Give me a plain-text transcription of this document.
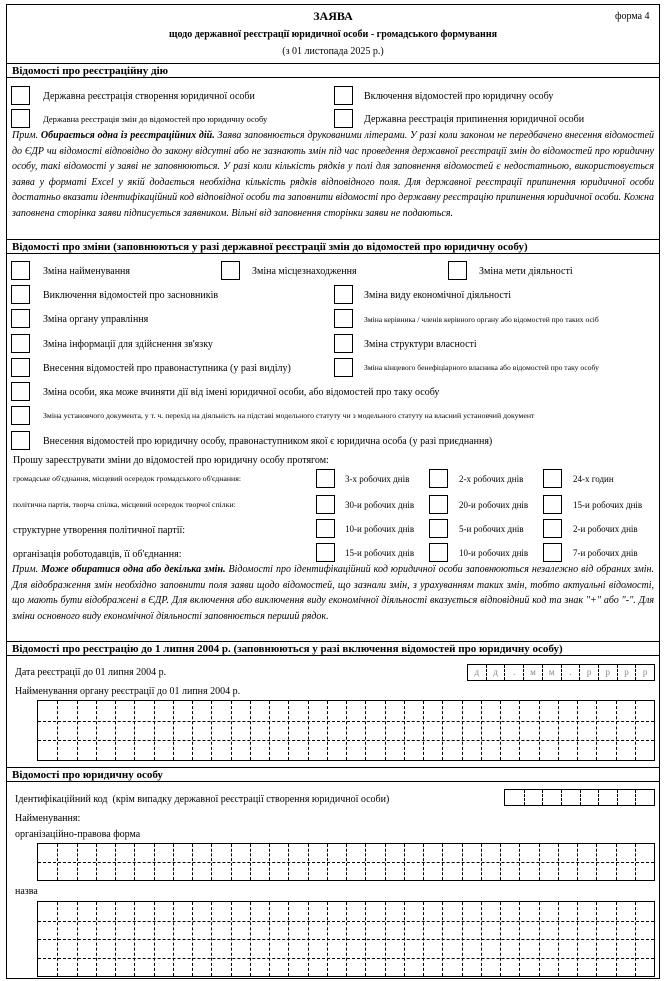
ЗАЯВА	форма 4
щодо державної реєстрації юридичної особи - громадського формування
(з 01 листопада 2025 р.)
Відомості про реєстраційну дію
Державна реєстрація створення юридичної особи	Включення відомостей про юридичну особу
Державна реєстрація змін до відомостей про юридичну особу	Державна реєстрація припинення юридичної особи
Прим. Обирається одна із реєстраційних дій. Заява заповнюється друкованими літерами. У разі коли законом не передбачено внесення відомостей до ЄДР чи відомості відповідно до закону відсутні або не зазнають змін під час проведення державної реєстрації змін до відомостей про юридичну особу, такі відомості у заяві не заповнюються. У разі коли кількість рядків у полі для заповнення відомостей є недостатньою, використовується заява у форматі Excel у якій додається необхідна кількість рядків відповідного поля. Для державної реєстрації припинення юридичної особи достатньо вказати ідентифікаційний код відповідної особи та заповнити відомості про державну реєстрацію припинення юридичної особи. Кожна заповнена сторінка заяви підписується заявником. Вільні від заповнення сторінки заяви не подаються.
Відомості про зміни (заповнюються у разі державної реєстрації змін до відомостей про юридичну особу)
Зміна найменування	Зміна місцезнаходження	Зміна мети діяльності
Виключення відомостей про засновників	Зміна виду економічної діяльності
Зміна органу управління	Зміна керівника / членів керівного органу або відомостей про таких осіб
Зміна інформації для здійснення зв'язку	Зміна структури власності
Внесення відомостей про правонаступника (у разі виділу)	Зміна кінцевого бенефіціарного власника або відомостей про таку особу
Зміна особи, яка може вчиняти дії від імені юридичної особи, або відомостей про таку особу
Зміна установчого документа, у т. ч. перехід на діяльність на підставі модельного статуту чи з модельного статуту на власний установчий документ
Внесення відомостей про юридичну особу, правонаступником якої є юридична особа (у разі приєднання)
Прошу зареєструвати зміни до відомостей про юридичну особу протягом:
громадське об'єднання, місцевий осередок громадського об'єднання:	3-х робочих днів	2-х робочих днів	24-х годин
політична партія, творча спілка, місцевий осередок творчої спілки:	30-и робочих днів	20-и робочих днів	15-и робочих днів
структурне утворення політичної партії:	10-и робочих днів	5-и робочих днів	2-и робочих днів
організація роботодавців, її об'єднання:	15-и робочих днів	10-и робочих днів	7-и робочих днів
Прим. Може обиратися одна або декілька змін. Відомості про ідентифікаційний код юридичної особи заповнюються незалежно від обраних змін. Для відображення змін необхідно заповнити поля заяви щодо відомостей, що зазнали змін, з урахуванням таких змін, тобто актуальні відомості, що мають бути відображені в ЄДР. Для включення або виключення виду економічної діяльності вказується відповідний код та знак "+" або "-". Для зміни основного виду економічної діяльності заповнюється перший рядок.
Відомості про реєстрацію до 1 липня 2004 р. (заповнюються у разі включення відомостей про юридичну особу)
Дата реєстрації до 01 липня 2004 р.	д	д	.	м	м	.	р	р	р	р
Найменування органу реєстрації до 01 липня 2004 р.
Відомості про юридичну особу
Ідентифікаційний код (крім випадку державної реєстрації створення юридичної особи)
Найменування:
організаційно-правова форма
назва
